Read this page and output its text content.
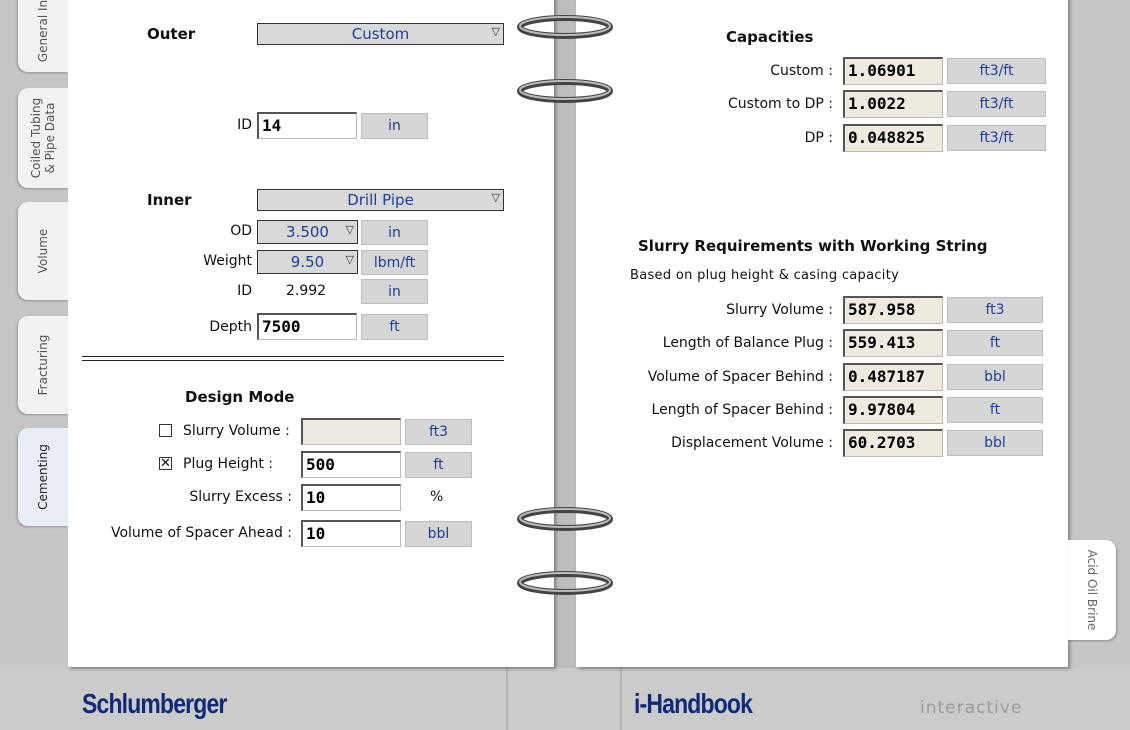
General In
Coiled Tubing
& Pipe Data
Volume
Fracturing
Cementing
Acid Oil Brine
Outer	Custom	▽
ID 14	in
Inner	Drill Pipe	▽
OD	3.500 ▽	in
Weight	9.50 ▽	lbm/ft
ID 2.992	in
Depth 7500	ft
Design Mode
Slurry Volume :	ft3
✕ Plug Height :	500	ft
Slurry Excess : 10	%
Volume of Spacer Ahead : 10	bbl
Capacities
Custom : 1.06901	ft3/ft
Custom to DP : 1.0022	ft3/ft
DP : 0.048825	ft3/ft
Slurry Requirements with Working String
Based on plug height & casing capacity
Slurry Volume : 587.958	ft3
Length of Balance Plug : 559.413	ft
Volume of Spacer Behind : 0.487187	bbl
Length of Spacer Behind : 9.97804	ft
Displacement Volume : 60.2703	bbl
Schlumberger	i-Handbook	interactive
